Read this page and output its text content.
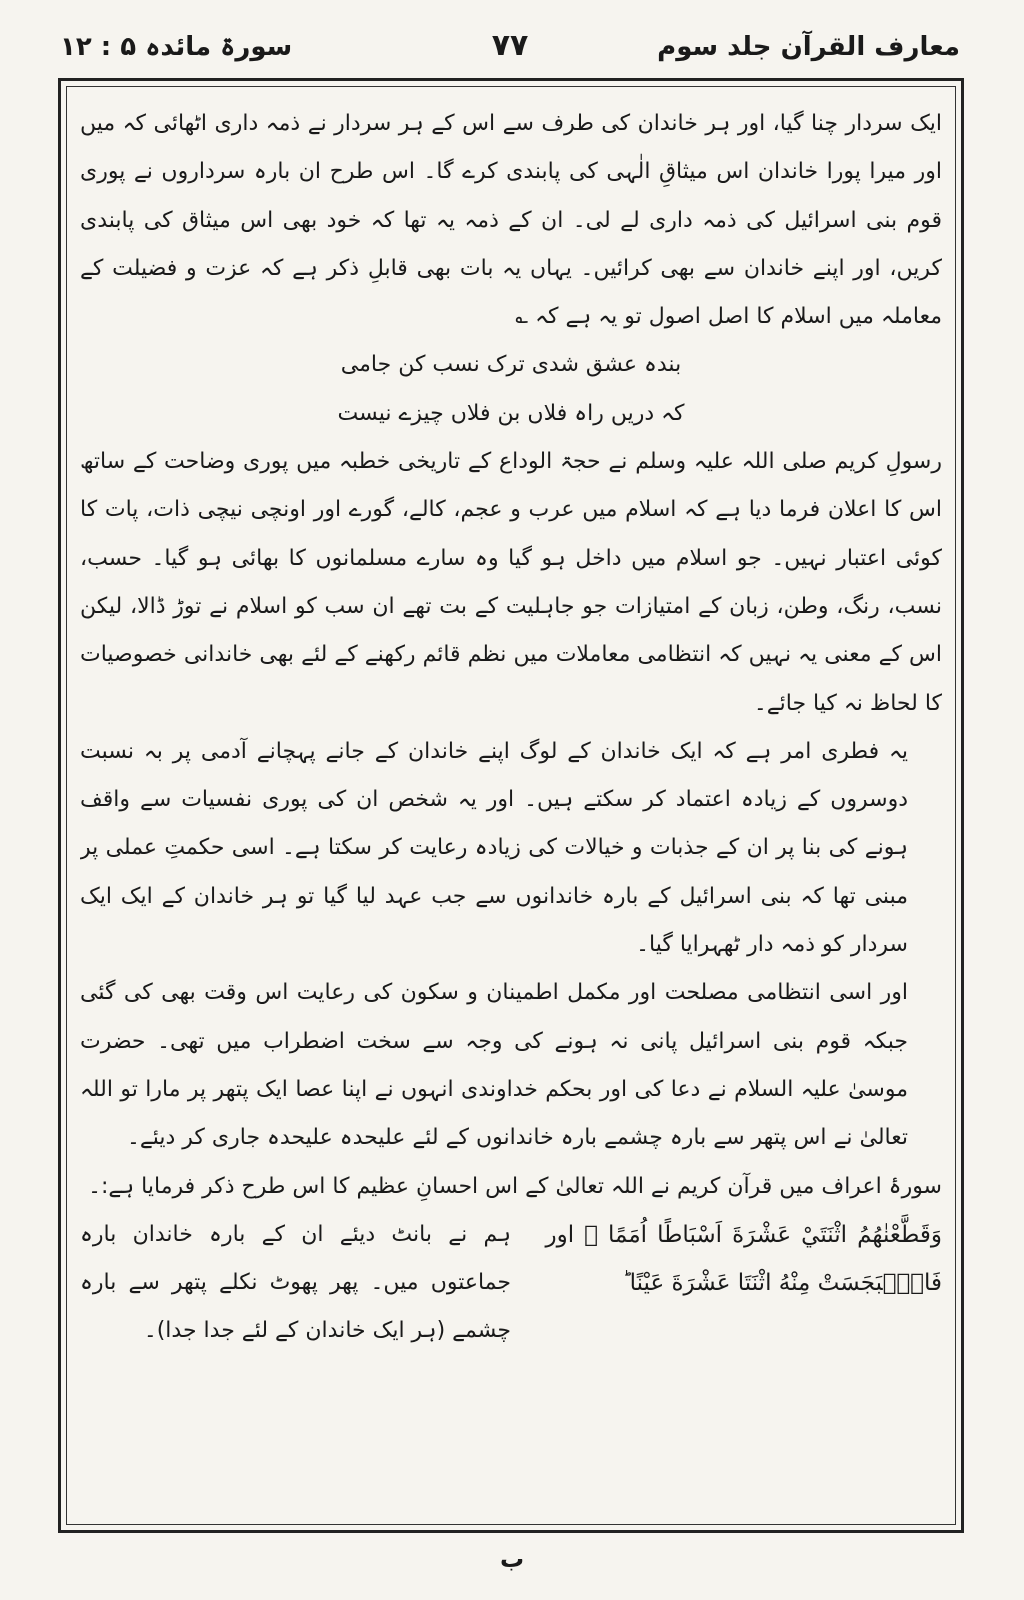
معارف القرآن جلد سوم
۷۷
سورۃ مائدہ ۵ : ۱۲

ایک سردار چنا گیا، اور ہر خاندان کی طرف سے اس کے ہر سردار نے ذمہ داری اٹھائی کہ میں اور میرا پورا خاندان اس میثاقِ الٰہی کی پابندی کرے گا۔ اس طرح ان بارہ سرداروں نے پوری قوم بنی اسرائیل کی ذمہ داری لے لی۔ ان کے ذمہ یہ تھا کہ خود بھی اس میثاق کی پابندی کریں، اور اپنے خاندان سے بھی کرائیں۔ یہاں یہ بات بھی قابلِ ذکر ہے کہ عزت و فضیلت کے معاملہ میں اسلام کا اصل اصول تو یہ ہے کہ ؎

بندہ عشق شدی ترک نسب کن جامی

کہ دریں راہ فلاں بن فلاں چیزے نیست

رسولِ کریم صلی اللہ علیہ وسلم نے حجۃ الوداع کے تاریخی خطبہ میں پوری وضاحت کے ساتھ اس کا اعلان فرما دیا ہے کہ اسلام میں عرب و عجم، کالے، گورے اور اونچی نیچی ذات، پات کا کوئی اعتبار نہیں۔ جو اسلام میں داخل ہو گیا وہ سارے مسلمانوں کا بھائی ہو گیا۔ حسب، نسب، رنگ، وطن، زبان کے امتیازات جو جاہلیت کے بت تھے ان سب کو اسلام نے توڑ ڈالا، لیکن اس کے معنی یہ نہیں کہ انتظامی معاملات میں نظم قائم رکھنے کے لئے بھی خاندانی خصوصیات کا لحاظ نہ کیا جائے۔

یہ فطری امر ہے کہ ایک خاندان کے لوگ اپنے خاندان کے جانے پہچانے آدمی پر بہ نسبت دوسروں کے زیادہ اعتماد کر سکتے ہیں۔ اور یہ شخص ان کی پوری نفسیات سے واقف ہونے کی بنا پر ان کے جذبات و خیالات کی زیادہ رعایت کر سکتا ہے۔ اسی حکمتِ عملی پر مبنی تھا کہ بنی اسرائیل کے بارہ خاندانوں سے جب عہد لیا گیا تو ہر خاندان کے ایک ایک سردار کو ذمہ دار ٹھہرایا گیا۔

اور اسی انتظامی مصلحت اور مکمل اطمینان و سکون کی رعایت اس وقت بھی کی گئی جبکہ قوم بنی اسرائیل پانی نہ ہونے کی وجہ سے سخت اضطراب میں تھی۔ حضرت موسیٰ علیہ السلام نے دعا کی اور بحکم خداوندی انہوں نے اپنا عصا ایک پتھر پر مارا تو اللہ تعالیٰ نے اس پتھر سے بارہ چشمے بارہ خاندانوں کے لئے علیحدہ علیحدہ جاری کر دیئے۔

سورۂ اعراف میں قرآن کریم نے اللہ تعالیٰ کے اس احسانِ عظیم کا اس طرح ذکر فرمایا ہے:۔

وَقَطَّعْنٰهُمُ اثْنَتَيْ عَشْرَةَ اَسْبَاطًا اُمَمًا ۔ اور فَانْۢبَجَسَتْ مِنْهُ اثْنَتَا عَشْرَةَ عَيْنًا ؕ
ہم نے بانٹ دیئے ان کے بارہ خاندان بارہ جماعتوں میں۔ پھر پھوٹ نکلے پتھر سے بارہ چشمے (ہر ایک خاندان کے لئے جدا جدا)۔
ب
